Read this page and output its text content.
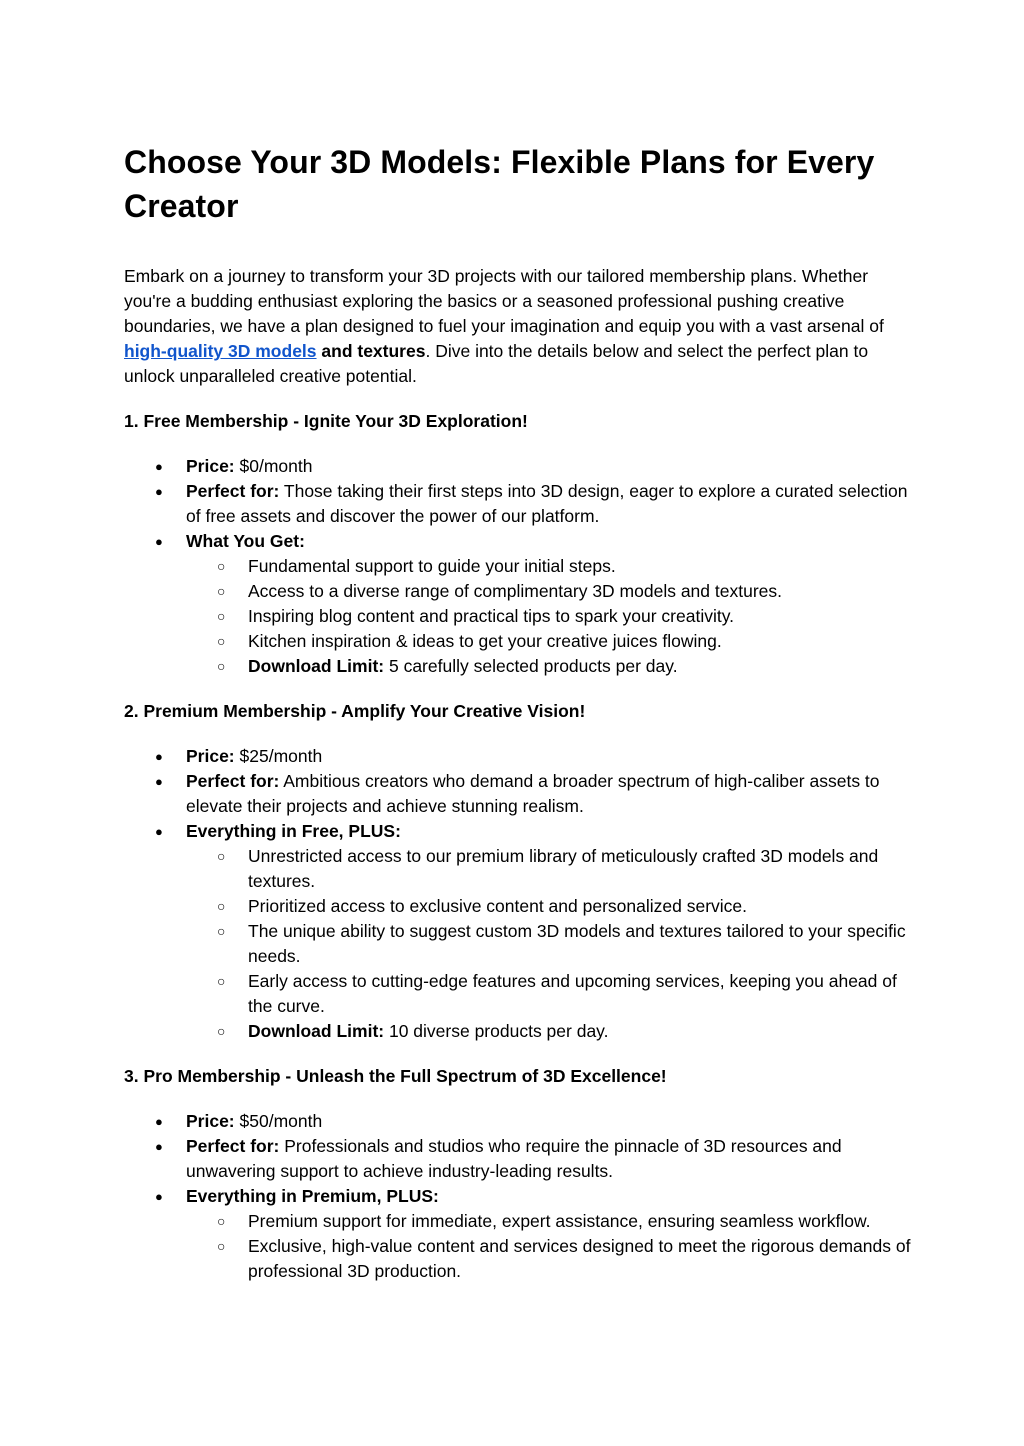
Choose Your 3D Models: Flexible Plans for Every Creator

Embark on a journey to transform your 3D projects with our tailored membership plans. Whether you're a budding enthusiast exploring the basics or a seasoned professional pushing creative boundaries, we have a plan designed to fuel your imagination and equip you with a vast arsenal of high-quality 3D models and textures. Dive into the details below and select the perfect plan to unlock unparalleled creative potential.

1. Free Membership - Ignite Your 3D Exploration!
● Price: $0/month
● Perfect for: Those taking their first steps into 3D design, eager to explore a curated selection of free assets and discover the power of our platform.
● What You Get:
○ Fundamental support to guide your initial steps.
○ Access to a diverse range of complimentary 3D models and textures.
○ Inspiring blog content and practical tips to spark your creativity.
○ Kitchen inspiration & ideas to get your creative juices flowing.
○ Download Limit: 5 carefully selected products per day.
2. Premium Membership - Amplify Your Creative Vision!
● Price: $25/month
● Perfect for: Ambitious creators who demand a broader spectrum of high-caliber assets to elevate their projects and achieve stunning realism.
● Everything in Free, PLUS:
○ Unrestricted access to our premium library of meticulously crafted 3D models and textures.
○ Prioritized access to exclusive content and personalized service.
○ The unique ability to suggest custom 3D models and textures tailored to your specific needs.
○ Early access to cutting-edge features and upcoming services, keeping you ahead of the curve.
○ Download Limit: 10 diverse products per day.
3. Pro Membership - Unleash the Full Spectrum of 3D Excellence!
● Price: $50/month
● Perfect for: Professionals and studios who require the pinnacle of 3D resources and unwavering support to achieve industry-leading results.
● Everything in Premium, PLUS:
○ Premium support for immediate, expert assistance, ensuring seamless workflow.
○ Exclusive, high-value content and services designed to meet the rigorous demands of professional 3D production.
